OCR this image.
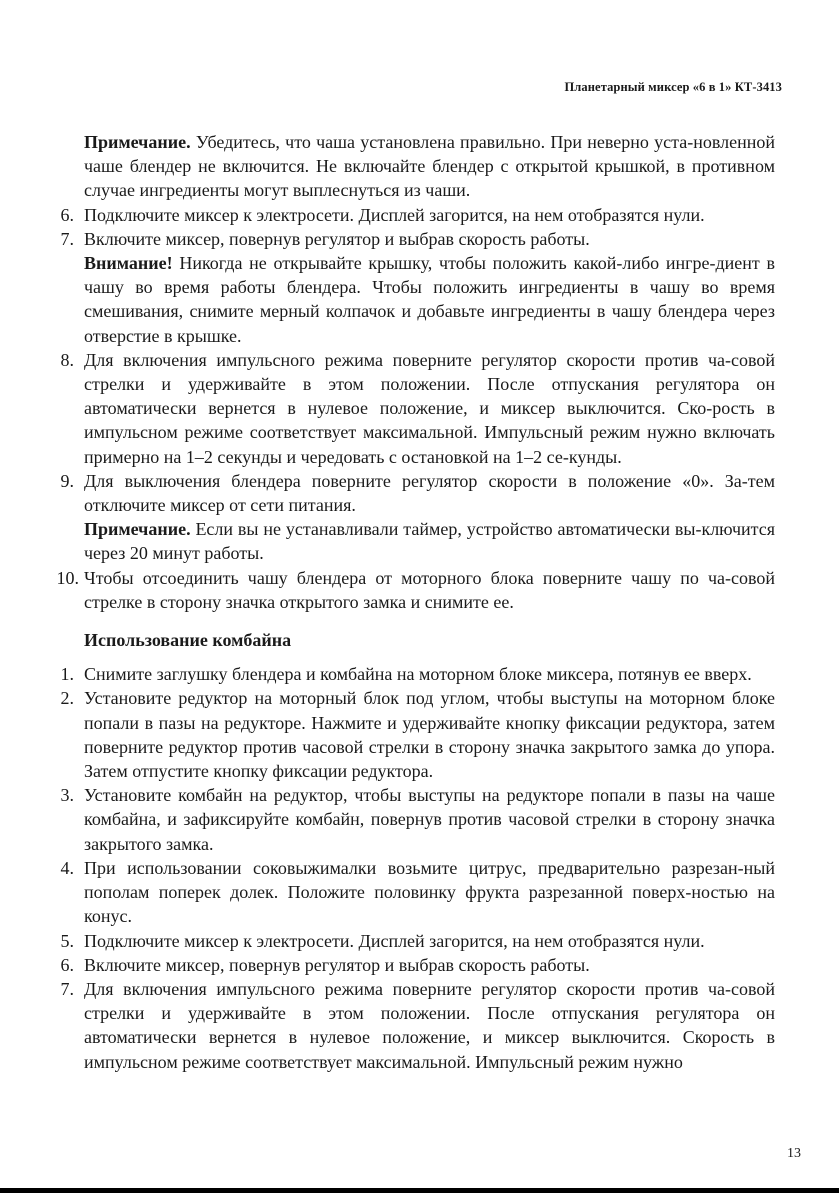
Планетарный миксер «6 в 1» КТ-3413
Примечание. Убедитесь, что чаша установлена правильно. При неверно уста-новленной чаше блендер не включится. Не включайте блендер с открытой крышкой, в противном случае ингредиенты могут выплеснуться из чаши.
6. Подключите миксер к электросети. Дисплей загорится, на нем отобразятся нули.
7. Включите миксер, повернув регулятор и выбрав скорость работы.
Внимание! Никогда не открывайте крышку, чтобы положить какой-либо ингре-диент в чашу во время работы блендера. Чтобы положить ингредиенты в чашу во время смешивания, снимите мерный колпачок и добавьте ингредиенты в чашу блендера через отверстие в крышке.
8. Для включения импульсного режима поверните регулятор скорости против ча-совой стрелки и удерживайте в этом положении. После отпускания регулятора он автоматически вернется в нулевое положение, и миксер выключится. Ско-рость в импульсном режиме соответствует максимальной. Импульсный режим нужно включать примерно на 1–2 секунды и чередовать с остановкой на 1–2 се-кунды.
9. Для выключения блендера поверните регулятор скорости в положение «0». За-тем отключите миксер от сети питания.
Примечание. Если вы не устанавливали таймер, устройство автоматически вы-ключится через 20 минут работы.
10. Чтобы отсоединить чашу блендера от моторного блока поверните чашу по ча-совой стрелке в сторону значка открытого замка и снимите ее.
Использование комбайна
1. Снимите заглушку блендера и комбайна на моторном блоке миксера, потянув ее вверх.
2. Установите редуктор на моторный блок под углом, чтобы выступы на моторном блоке попали в пазы на редукторе. Нажмите и удерживайте кнопку фиксации редуктора, затем поверните редуктор против часовой стрелки в сторону значка закрытого замка до упора. Затем отпустите кнопку фиксации редуктора.
3. Установите комбайн на редуктор, чтобы выступы на редукторе попали в пазы на чаше комбайна, и зафиксируйте комбайн, повернув против часовой стрелки в сторону значка закрытого замка.
4. При использовании соковыжималки возьмите цитрус, предварительно разрезан-ный пополам поперек долек. Положите половинку фрукта разрезанной поверх-ностью на конус.
5. Подключите миксер к электросети. Дисплей загорится, на нем отобразятся нули.
6. Включите миксер, повернув регулятор и выбрав скорость работы.
7. Для включения импульсного режима поверните регулятор скорости против ча-совой стрелки и удерживайте в этом положении. После отпускания регулятора он автоматически вернется в нулевое положение, и миксер выключится. Скорость в импульсном режиме соответствует максимальной. Импульсный режим нужно
13
